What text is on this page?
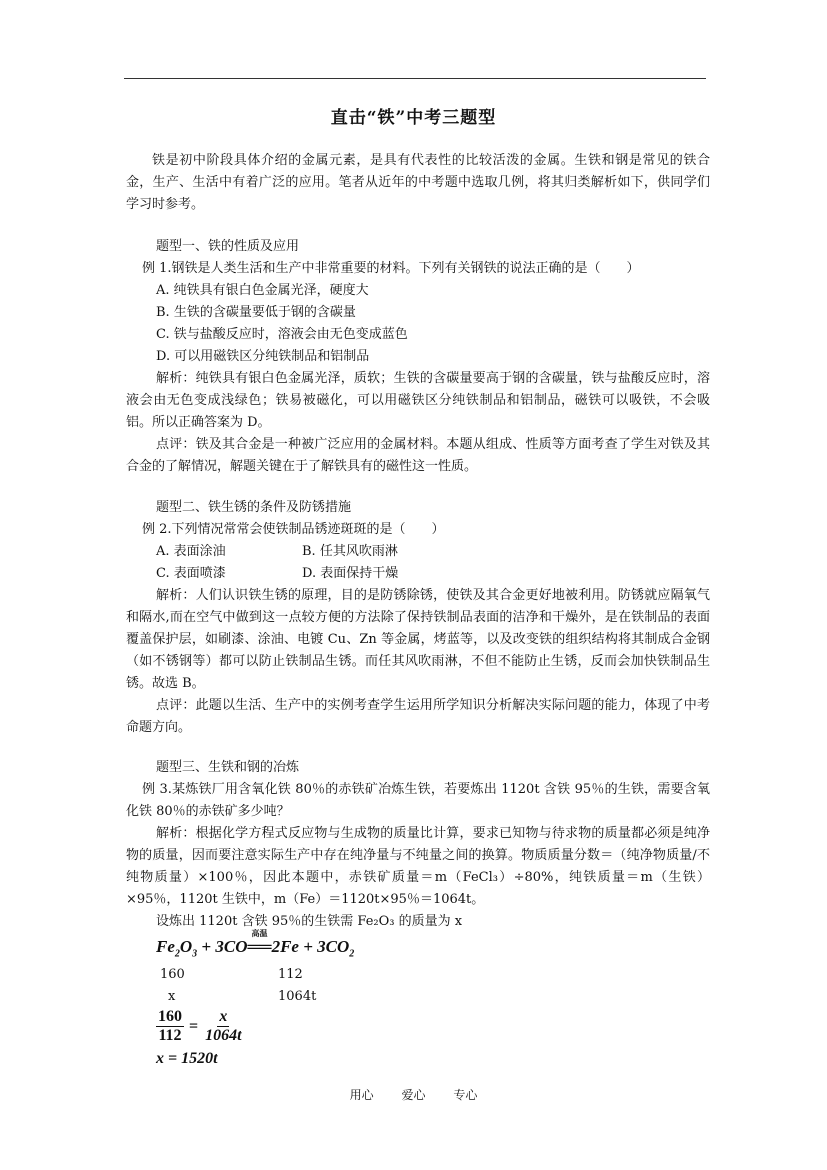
直击“铁”中考三题型
铁是初中阶段具体介绍的金属元素，是具有代表性的比较活泼的金属。生铁和钢是常见的铁合金，生产、生活中有着广泛的应用。笔者从近年的中考题中选取几例，将其归类解析如下，供同学们学习时参考。
题型一、铁的性质及应用
例 1.钢铁是人类生活和生产中非常重要的材料。下列有关钢铁的说法正确的是（　　）
A. 纯铁具有银白色金属光泽，硬度大
B. 生铁的含碳量要低于钢的含碳量
C. 铁与盐酸反应时，溶液会由无色变成蓝色
D. 可以用磁铁区分纯铁制品和铝制品
解析：纯铁具有银白色金属光泽，质软；生铁的含碳量要高于钢的含碳量，铁与盐酸反应时，溶液会由无色变成浅绿色；铁易被磁化，可以用磁铁区分纯铁制品和铝制品，磁铁可以吸铁，不会吸铝。所以正确答案为 D。
点评：铁及其合金是一种被广泛应用的金属材料。本题从组成、性质等方面考查了学生对铁及其合金的了解情况，解题关键在于了解铁具有的磁性这一性质。
题型二、铁生锈的条件及防锈措施
例 2.下列情况常常会使铁制品锈迹斑斑的是（　　）
A. 表面涂油	B. 任其风吹雨淋
C. 表面喷漆	D. 表面保持干燥
解析：人们认识铁生锈的原理，目的是防锈除锈，使铁及其合金更好地被利用。防锈就应隔氧气和隔水,而在空气中做到这一点较方便的方法除了保持铁制品表面的洁净和干燥外，是在铁制品的表面覆盖保护层，如刷漆、涂油、电镀 Cu、Zn 等金属，烤蓝等，以及改变铁的组织结构将其制成合金钢（如不锈钢等）都可以防止铁制品生锈。而任其风吹雨淋，不但不能防止生锈，反而会加快铁制品生锈。故选 B。
点评：此题以生活、生产中的实例考查学生运用所学知识分析解决实际问题的能力，体现了中考命题方向。
题型三、生铁和钢的冶炼
例 3.某炼铁厂用含氧化铁 80％的赤铁矿冶炼生铁，若要炼出 1120t 含铁 95％的生铁，需要含氧化铁 80％的赤铁矿多少吨？
解析：根据化学方程式反应物与生成物的质量比计算，要求已知物与待求物的质量都必须是纯净物的质量，因而要注意实际生产中存在纯净量与不纯量之间的换算。物质质量分数＝（纯净物质量/不纯物质量）×100％，因此本题中，赤铁矿质量＝m（FeCl₃）÷80%，纯铁质量＝m（生铁）×95％，1120t 生铁中，m（Fe）＝1120t×95％＝1064t。
设炼出 1120t 含铁 95％的生铁需 Fe₂O₃ 的质量为 x
$Fe_2O_3 + 3CO$
高温
══2Fe + $3CO_2$
160	112
x	1064t
$\frac{160}{112} = \frac{x}{1064t}$
x = 1520t
用心 爱心 专心
